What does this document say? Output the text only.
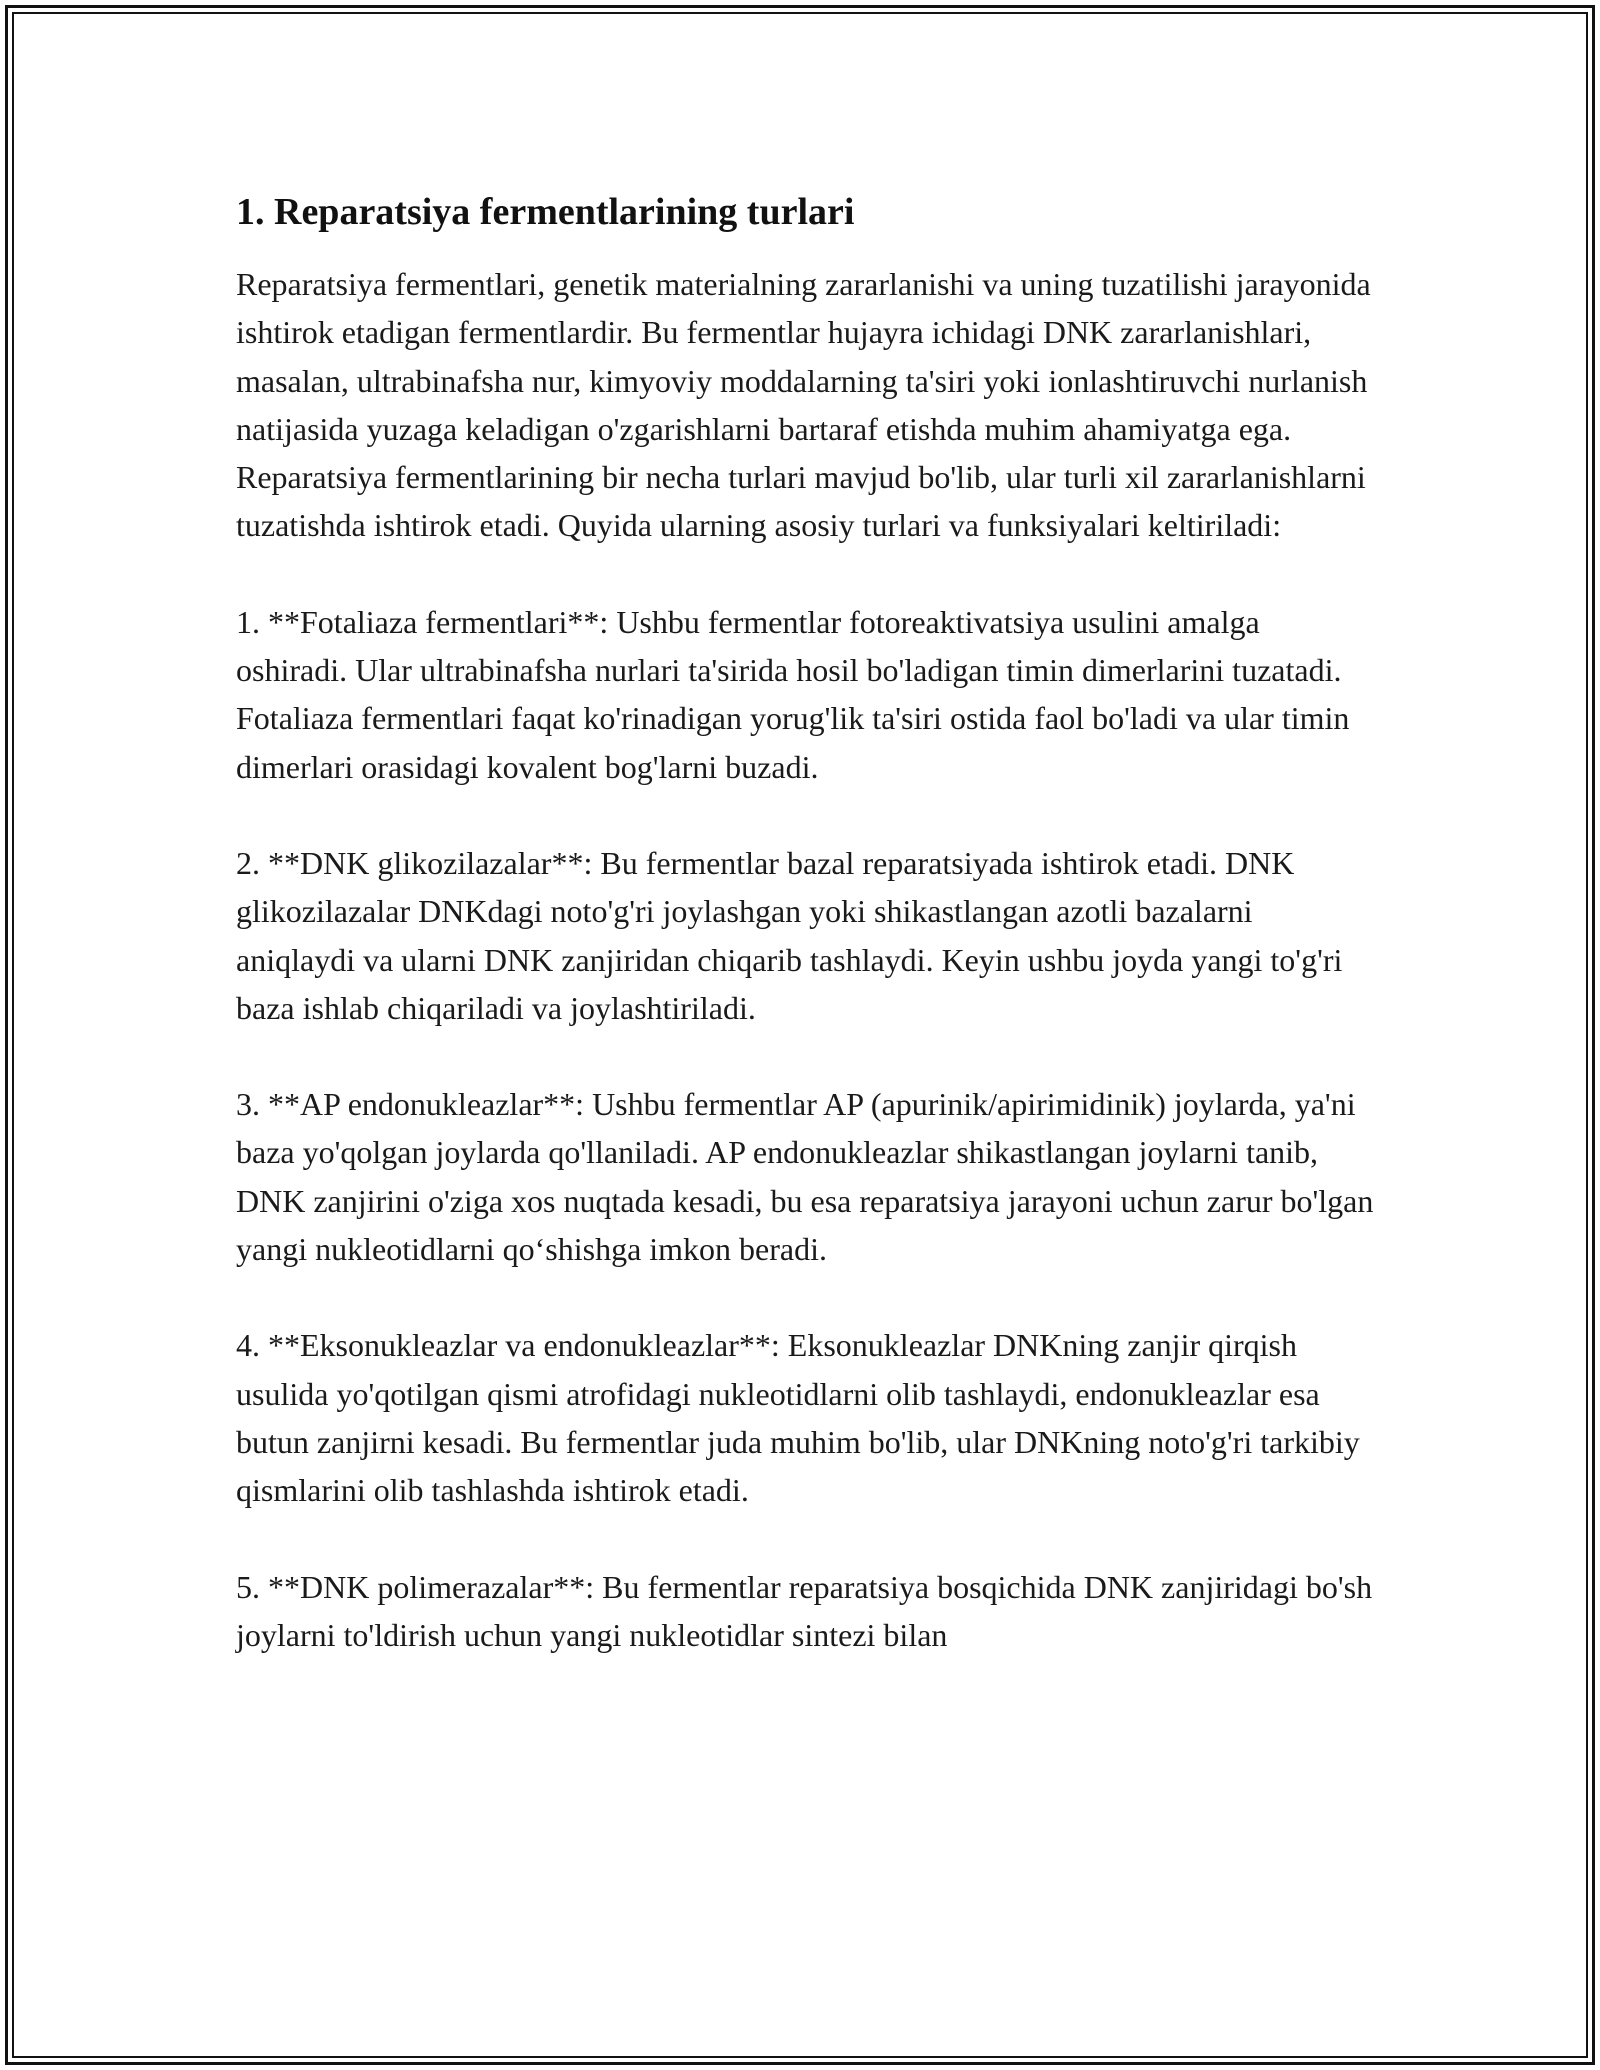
1. Reparatsiya fermentlarining turlari

Reparatsiya fermentlari, genetik materialning zararlanishi va uning tuzatilishi jarayonida ishtirok etadigan fermentlardir. Bu fermentlar hujayra ichidagi DNK zararlanishlari, masalan, ultrabinafsha nur, kimyoviy moddalarning ta'siri yoki ionlashtiruvchi nurlanish natijasida yuzaga keladigan o'zgarishlarni bartaraf etishda muhim ahamiyatga ega. Reparatsiya fermentlarining bir necha turlari mavjud bo'lib, ular turli xil zararlanishlarni tuzatishda ishtirok etadi. Quyida ularning asosiy turlari va funksiyalari keltiriladi:

1. **Fotaliaza fermentlari**: Ushbu fermentlar fotoreaktivatsiya usulini amalga oshiradi. Ular ultrabinafsha nurlari ta'sirida hosil bo'ladigan timin dimerlarini tuzatadi. Fotaliaza fermentlari faqat ko'rinadigan yorug'lik ta'siri ostida faol bo'ladi va ular timin dimerlari orasidagi kovalent bog'larni buzadi.

2. **DNK glikozilazalar**: Bu fermentlar bazal reparatsiyada ishtirok etadi. DNK glikozilazalar DNKdagi noto'g'ri joylashgan yoki shikastlangan azotli bazalarni aniqlaydi va ularni DNK zanjiridan chiqarib tashlaydi. Keyin ushbu joyda yangi to'g'ri baza ishlab chiqariladi va joylashtiriladi.

3. **AP endonukleazlar**: Ushbu fermentlar AP (apurinik/apirimidinik) joylarda, ya'ni baza yo'qolgan joylarda qo'llaniladi. AP endonukleazlar shikastlangan joylarni tanib, DNK zanjirini o'ziga xos nuqtada kesadi, bu esa reparatsiya jarayoni uchun zarur bo'lgan yangi nukleotidlarni qo‘shishga imkon beradi.

4. **Eksonukleazlar va endonukleazlar**: Eksonukleazlar DNKning zanjir qirqish usulida yo'qotilgan qismi atrofidagi nukleotidlarni olib tashlaydi, endonukleazlar esa butun zanjirni kesadi. Bu fermentlar juda muhim bo'lib, ular DNKning noto'g'ri tarkibiy qismlarini olib tashlashda ishtirok etadi.

5. **DNK polimerazalar**: Bu fermentlar reparatsiya bosqichida DNK zanjiridagi bo'sh joylarni to'ldirish uchun yangi nukleotidlar sintezi bilan
